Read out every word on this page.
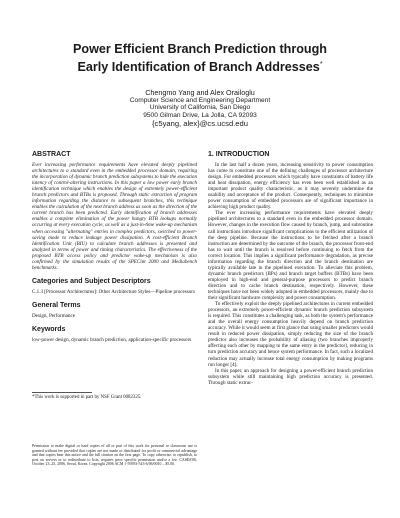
Power Efficient Branch Prediction through
Early Identification of Branch Addresses*
Chengmo Yang and Alex Orailoglu
Computer Science and Engineering Department
University of California, San Diego
9500 Gilman Drive, La Jolla, CA 92093
{c5yang, alex}@cs.ucsd.edu
ABSTRACT

Ever increasing performance requirements have elevated deeply pipelined architectures to a standard even in the embedded processor domain, requiring the incorporation of dynamic branch prediction subsystems to hide the execution latency of control-altering instructions. In this paper a low power early branch identification technique which enables the design of extremely power-efficient branch predictors and BTBs is proposed. Through static extraction of program information regarding the distance to subsequent branches, this technique enables the calculation of the next branch address as soon as the direction of the current branch has been predicted. Early identification of branch addresses enables a complete elimination of the power hungry BTB lookups normally occurring at every execution cycle, as well as a just-in-time wake-up mechanism when accessing "alternating" entries in complex predictors, switched to power-saving mode to reduce leakage power dissipation. A cost-efficient Branch Identification Unit (BIU) to calculate branch addresses is presented and analyzed in terms of power and timing characteristics. The effectiveness of the proposed BTB access policy and predictor wake-up mechanism is also confirmed by the simulation results of the SPECint 2000 and Mediabench benchmarks.

Categories and Subject Descriptors

C.1.3 [Processor Architectures]: Other Architecture Styles—Pipeline processors

General Terms

Design, Performance

Keywords

low-power design, dynamic branch prediction, application-specific processors

*This work is supported in part by NSF Grant 0082325.
Permission to make digital or hard copies of all or part of this work for personal or classroom use is granted without fee provided that copies are not made or distributed for profit or commercial advantage and that copies bear this notice and the full citation on the first page. To copy otherwise, to republish, to post on servers or to redistribute to lists, requires prior specific permission and/or a fee. CASES'06, October 23–25, 2006, Seoul, Korea. Copyright 2006 ACM 1-59593-543-6/06/0010 ...$5.00.
1. INTRODUCTION

In the last half a dozen years, increasing sensitivity to power consumption has come to constitute one of the defining challenges of processor architecture design. For embedded processors which typically have constraints of battery life and heat dissipation, energy efficiency has even been well established as an important product quality characteristic, as it may severely undermine the usability and acceptance of the product. Consequently, techniques to minimize power consumption of embedded processors are of significant importance in achieving high product quality.

The ever increasing performance requirements have elevated deeply pipelined architectures to a standard even in the embedded processor domain. However, changes in the execution flow caused by branch, jump, and subroutine call instructions introduce significant complications to the efficient utilization of the deep pipeline. Because the instructions to be fetched after a branch instruction are determined by the outcome of the branch, the processor front-end has to wait until the branch is resolved before continuing to fetch from the correct location. This implies a significant performance degradation, as precise information regarding the branch direction and the branch destination are typically available late in the pipelined execution. To alleviate this problem, dynamic branch predictors (BPs) and branch target buffers (BTBs) have been employed in high-end and general-purpose processors to predict branch direction and to cache branch destination, respectively. However, these techniques have not been widely adopted in embedded processors, mainly due to their significant hardware complexity and power consumption.

To effectively exploit the deeply pipelined architectures in current embedded processors, an extremely power-efficient dynamic branch prediction subsystem is required. This constitutes a challenging task, as both the system's performance and the overall energy consumption heavily depend on branch prediction accuracy. While it would seem at first glance that using smaller predictors would result in reduced power dissipation, simply reducing the size of the branch predictor also increases the probability of aliasing (two branches improperly affecting each other by mapping to the same entry in the predictor), reducing in turn prediction accuracy and hence system performance. In fact, such a localized reduction may actually increase total energy consumption by making programs run longer [4].

In this paper, an approach for designing a power-efficient branch prediction subsystem while still maintaining high prediction accuracy is presented. Through static extrac-
